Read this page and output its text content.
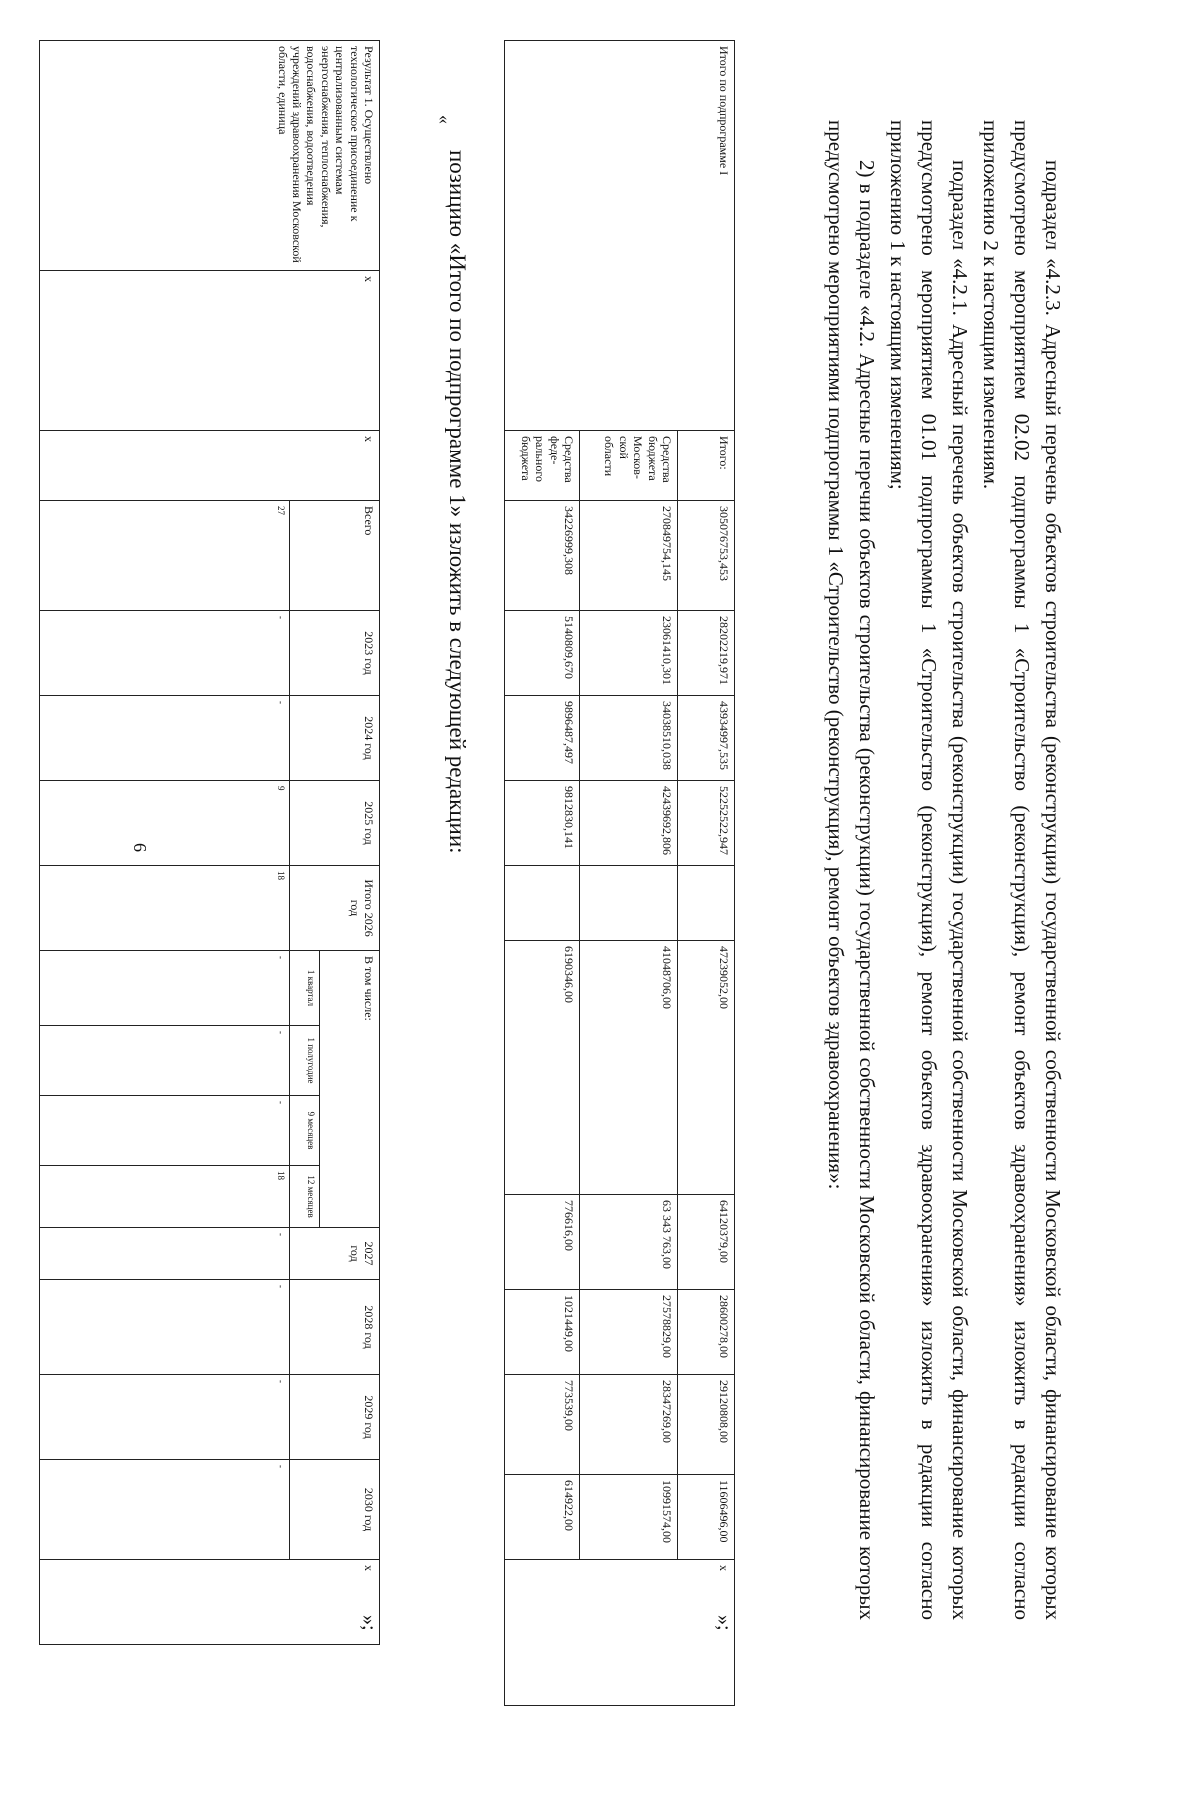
6
Результат 1. Осуществлено технологическое присоединение к централизованным системам энергоснабжения, теплоснабжения, водоснабжения, водоотведения учреждений здравоохранения Московской области, единица	х	х	Всего	2023 год	2024 год	2025 год	Итого 2026 год	В том числе:				2027 год	2028 год	2029 год	2030 год	х
								1 квартал	1 полугодие	9 месяцев	12 месяцев					
			27	-	-	9	18	-	-	-	18	-	-	-	-	
»;
позицию «Итого по подпрограмме 1» изложить в следующей редакции:
«	Итого по подпрограмме I	Итого:	305076753,453	28202219,971	43934997,535	52252522,947		47239052,00	64120379,00	28600278,00	29120808,00	11606496,00	х
	Средства бюджета Москов-ской области	270849754,145	23061410,301	34038510,038	42439692,806		41048706,00	63 343 763,00	27578829,00	28347269,00	10991574,00	
	Средства феде-рального бюджета	34226999,308	5140809,670	9896487,497	9812830,141		6190346,00	776616,00	1021449,00	773539,00	614922,00	
»;
2) в подразделе «4.2. Адресные перечни объектов строительства (реконструкции) государственной собственности Московской области, финансирование которых предусмотрено мероприятиями подпрограммы 1 «Строительство (реконструкция), ремонт объектов здравоохранения»:	подраздел «4.2.1. Адресный перечень объектов строительства (реконструкции) государственной собственности Московской области, финансирование которых предусмотрено мероприятием 01.01 подпрограммы 1 «Строительство (реконструкция), ремонт объектов здравоохранения» изложить в редакции согласно приложению 1 к настоящим изменениям;	подраздел «4.2.3. Адресный перечень объектов строительства (реконструкции) государственной собственности Московской области, финансирование которых предусмотрено мероприятием 02.02 подпрограммы 1 «Строительство (реконструкция), ремонт объектов здравоохранения» изложить в редакции согласно приложению 2 к настоящим изменениям.
